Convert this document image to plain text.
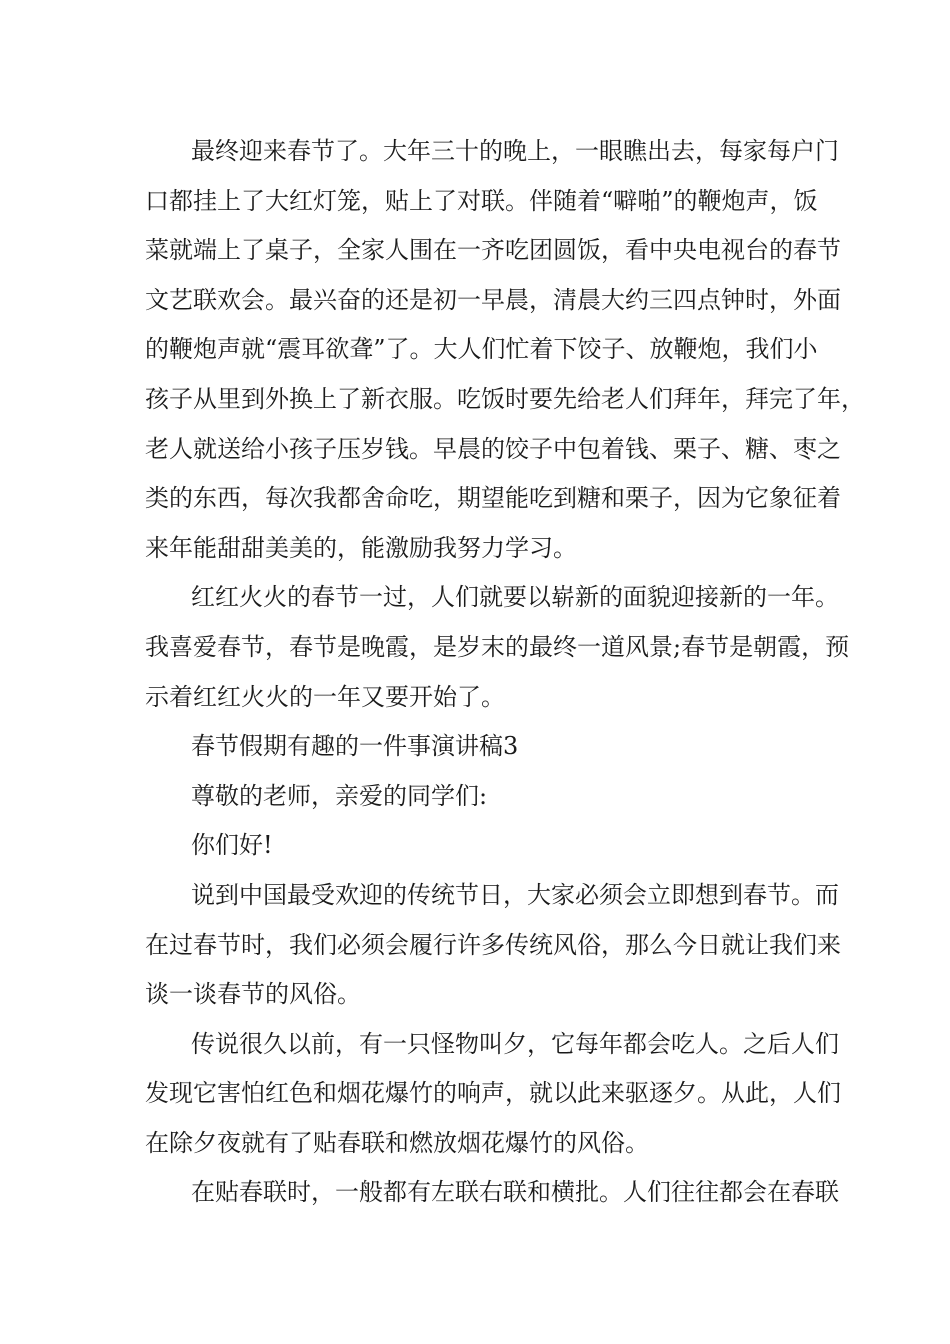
最终迎来春节了。大年三十的晚上，一眼瞧出去，每家每户门
口都挂上了大红灯笼，贴上了对联。伴随着“噼啪”的鞭炮声，饭
菜就端上了桌子，全家人围在一齐吃团圆饭，看中央电视台的春节
文艺联欢会。最兴奋的还是初一早晨，清晨大约三四点钟时，外面
的鞭炮声就“震耳欲聋”了。大人们忙着下饺子、放鞭炮，我们小
孩子从里到外换上了新衣服。吃饭时要先给老人们拜年，拜完了年，
老人就送给小孩子压岁钱。早晨的饺子中包着钱、栗子、糖、枣之
类的东西，每次我都舍命吃，期望能吃到糖和栗子，因为它象征着
来年能甜甜美美的，能激励我努力学习。
红红火火的春节一过，人们就要以崭新的面貌迎接新的一年。
我喜爱春节，春节是晚霞，是岁末的最终一道风景;春节是朝霞，预
示着红红火火的一年又要开始了。
春节假期有趣的一件事演讲稿3
尊敬的老师，亲爱的同学们:
你们好!
说到中国最受欢迎的传统节日，大家必须会立即想到春节。而
在过春节时，我们必须会履行许多传统风俗，那么今日就让我们来
谈一谈春节的风俗。
传说很久以前，有一只怪物叫夕，它每年都会吃人。之后人们
发现它害怕红色和烟花爆竹的响声，就以此来驱逐夕。从此，人们
在除夕夜就有了贴春联和燃放烟花爆竹的风俗。
在贴春联时，一般都有左联右联和横批。人们往往都会在春联
